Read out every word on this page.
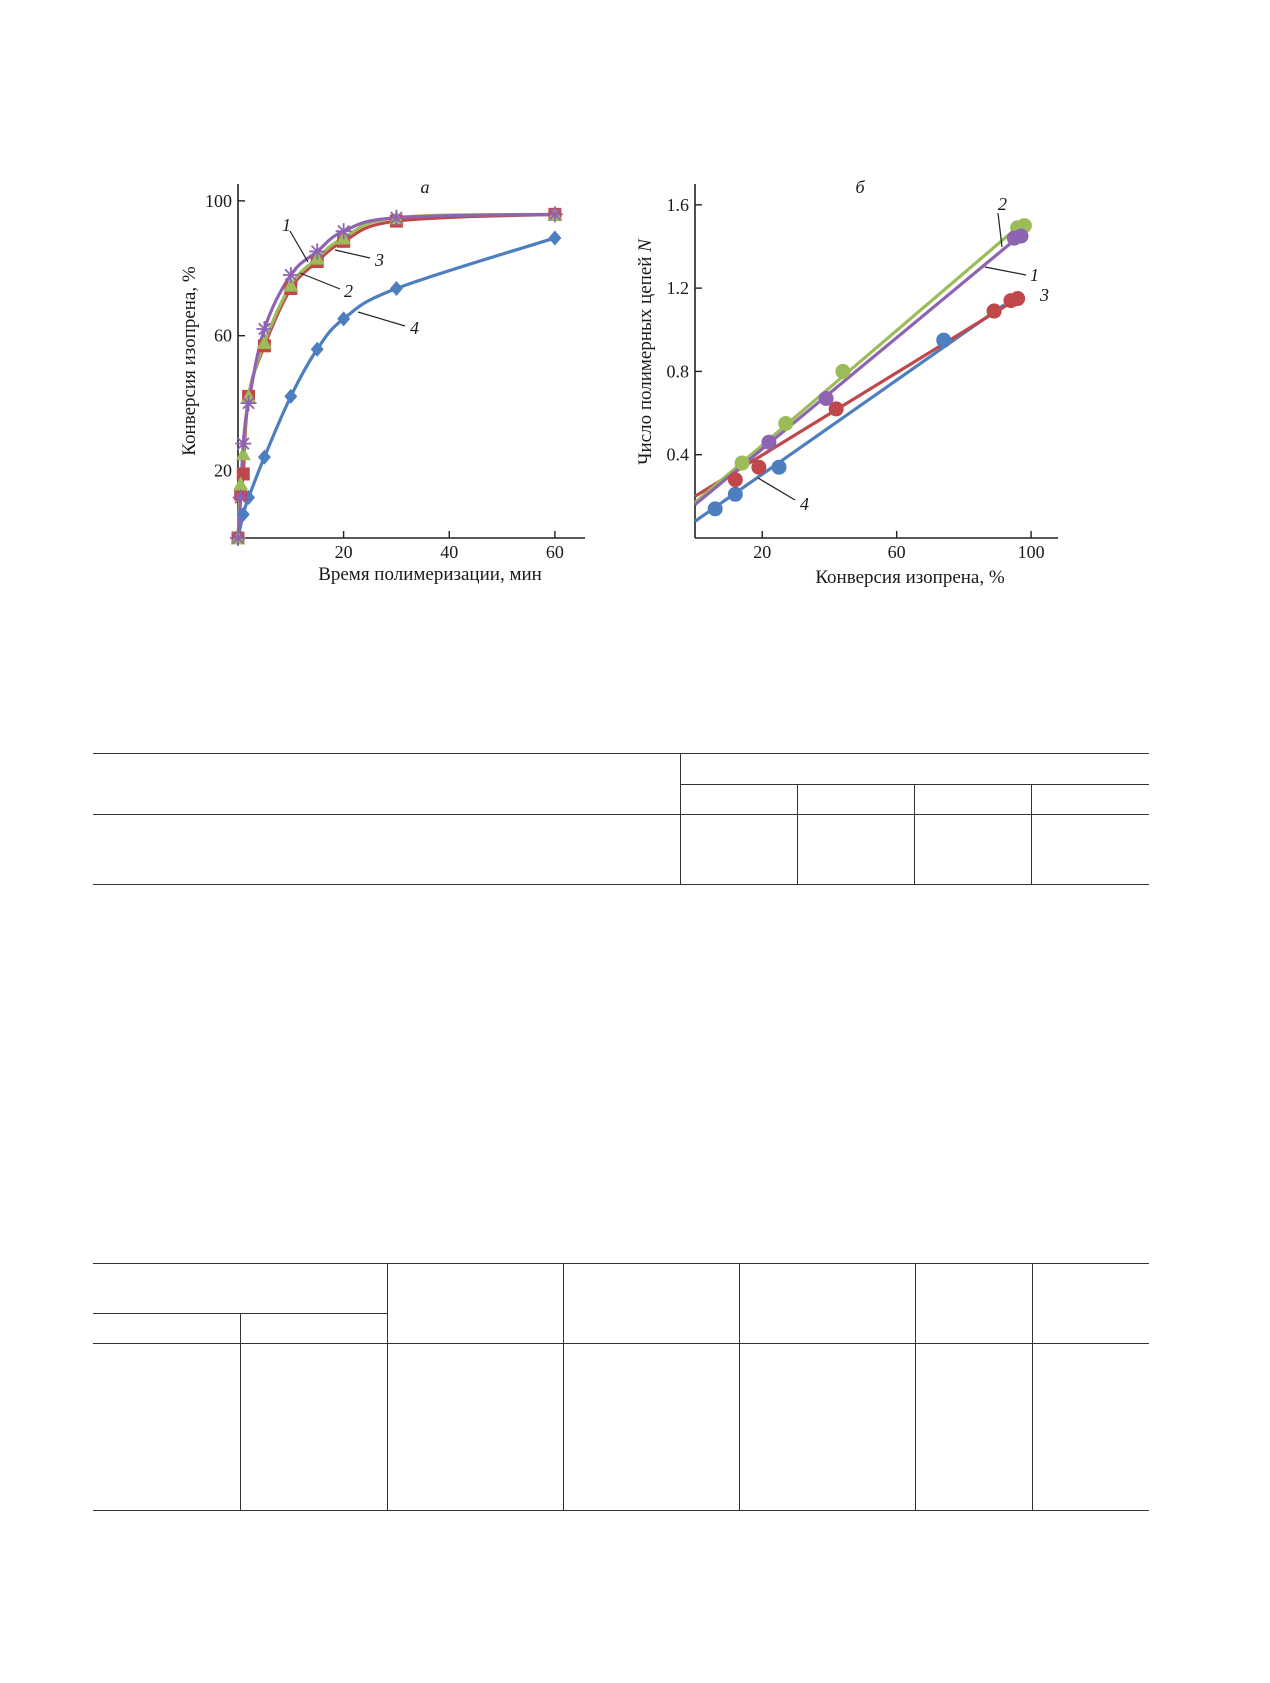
a
20	40	60
20
60
100
Время полимеризации, мин
Конверсия изопрена, %
1
2
3
4
б
20	60	100
0.4
0.8
1.2
1.6
Конверсия изопрена, %
Число полимерных цепей N
2
1
3
4
